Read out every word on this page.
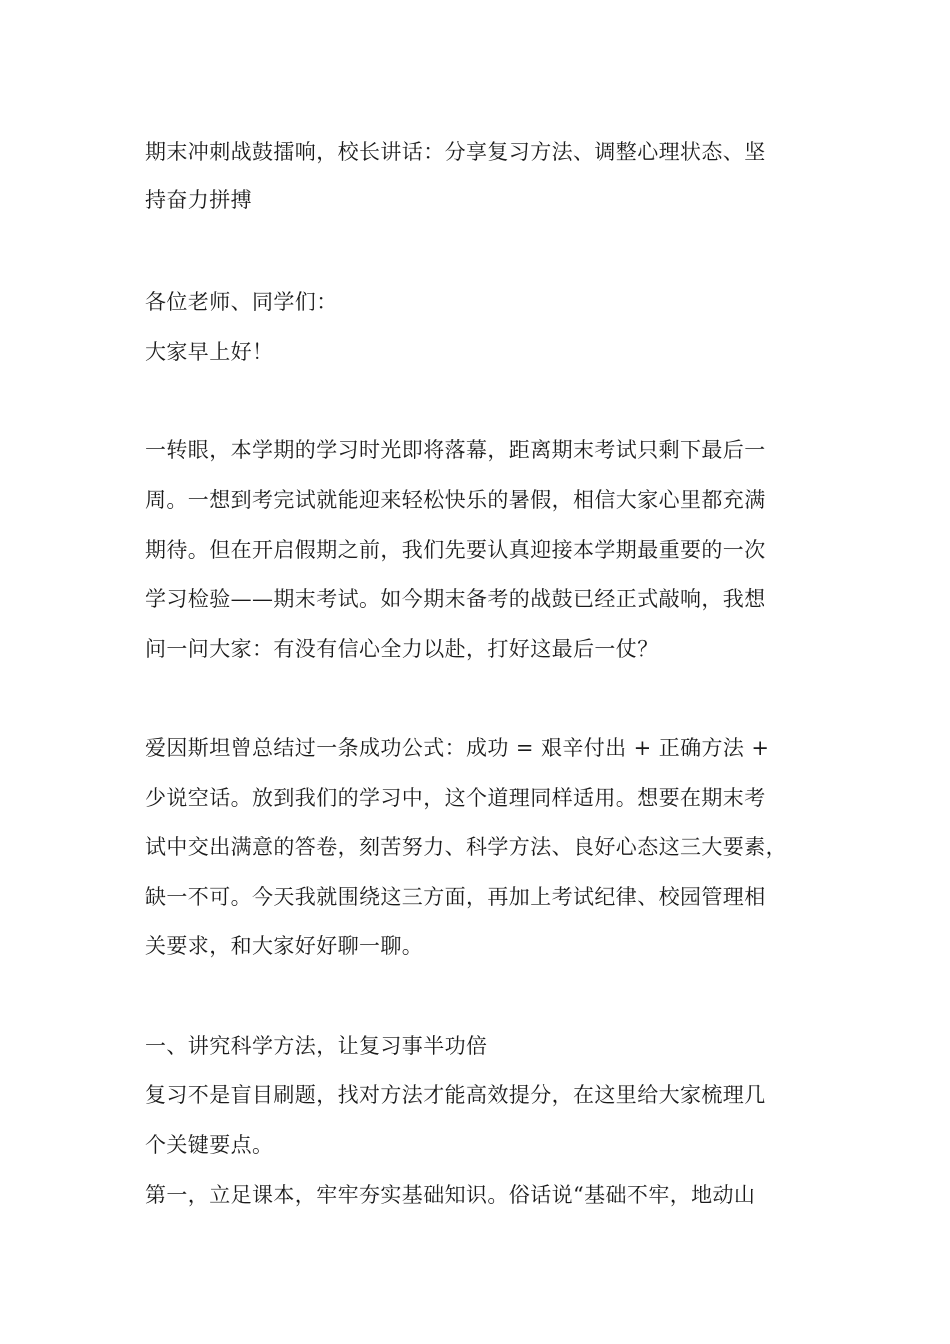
期末冲刺战鼓擂响，校长讲话：分享复习方法、调整心理状态、坚
持奋力拼搏
各位老师、同学们：
大家早上好！
一转眼，本学期的学习时光即将落幕，距离期末考试只剩下最后一
周。一想到考完试就能迎来轻松快乐的暑假，相信大家心里都充满
期待。但在开启假期之前，我们先要认真迎接本学期最重要的一次
学习检验——期末考试。如今期末备考的战鼓已经正式敲响，我想
问一问大家：有没有信心全力以赴，打好这最后一仗？
爱因斯坦曾总结过一条成功公式：成功 = 艰辛付出 + 正确方法 +
少说空话。放到我们的学习中，这个道理同样适用。想要在期末考
试中交出满意的答卷，刻苦努力、科学方法、良好心态这三大要素，
缺一不可。今天我就围绕这三方面，再加上考试纪律、校园管理相
关要求，和大家好好聊一聊。
一、讲究科学方法，让复习事半功倍
复习不是盲目刷题，找对方法才能高效提分，在这里给大家梳理几
个关键要点。
第一，立足课本，牢牢夯实基础知识。俗话说“基础不牢，地动山
